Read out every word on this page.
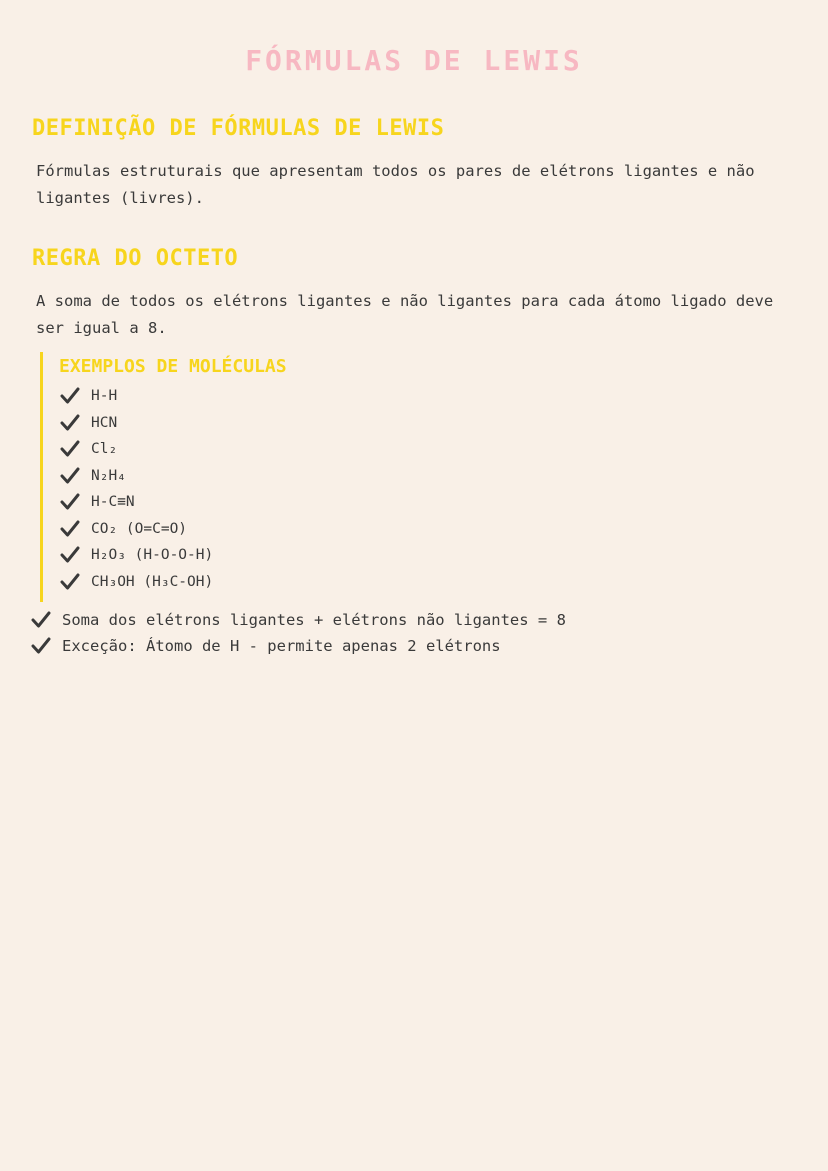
FÓRMULAS DE LEWIS
DEFINIÇÃO DE FÓRMULAS DE LEWIS

Fórmulas estruturais que apresentam todos os pares de elétrons ligantes e não ligantes (livres).

REGRA DO OCTETO

A soma de todos os elétrons ligantes e não ligantes para cada átomo ligado deve ser igual a 8.

EXEMPLOS DE MOLÉCULAS
H-H
HCN
Cl₂
N₂H₄
H-C≡N
CO₂ (O=C=O)
H₂O₃ (H-O-O-H)
CH₃OH (H₃C-OH)
Soma dos elétrons ligantes + elétrons não ligantes = 8
Exceção: Átomo de H - permite apenas 2 elétrons
